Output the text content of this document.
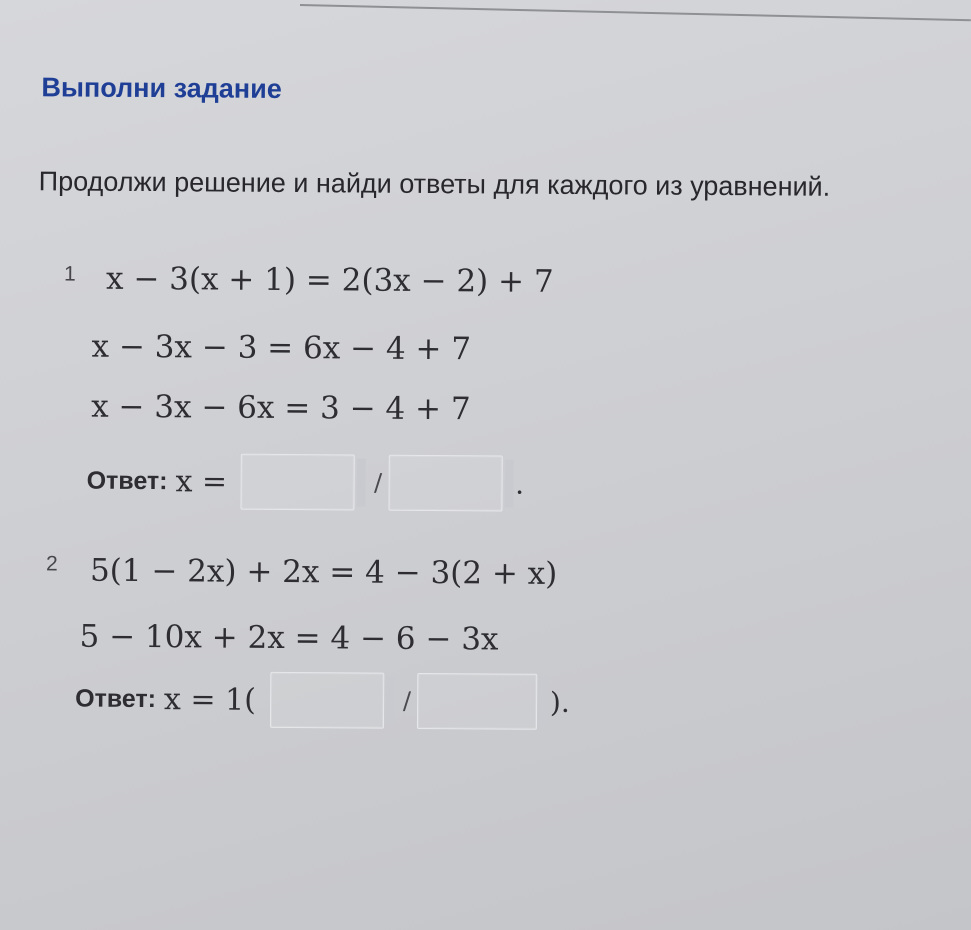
Выполни задание
Продолжи решение и найди ответы для каждого из уравнений.
1 x − 3(x + 1) = 2(3x − 2) + 7
x − 3x − 3 = 6x − 4 + 7
x − 3x − 6x = 3 − 4 + 7
Ответ: x =	/	.
2 5(1 − 2x) + 2x = 4 − 3(2 + x)
5 − 10x + 2x = 4 − 6 − 3x
Ответ: x = 1(	/	).
